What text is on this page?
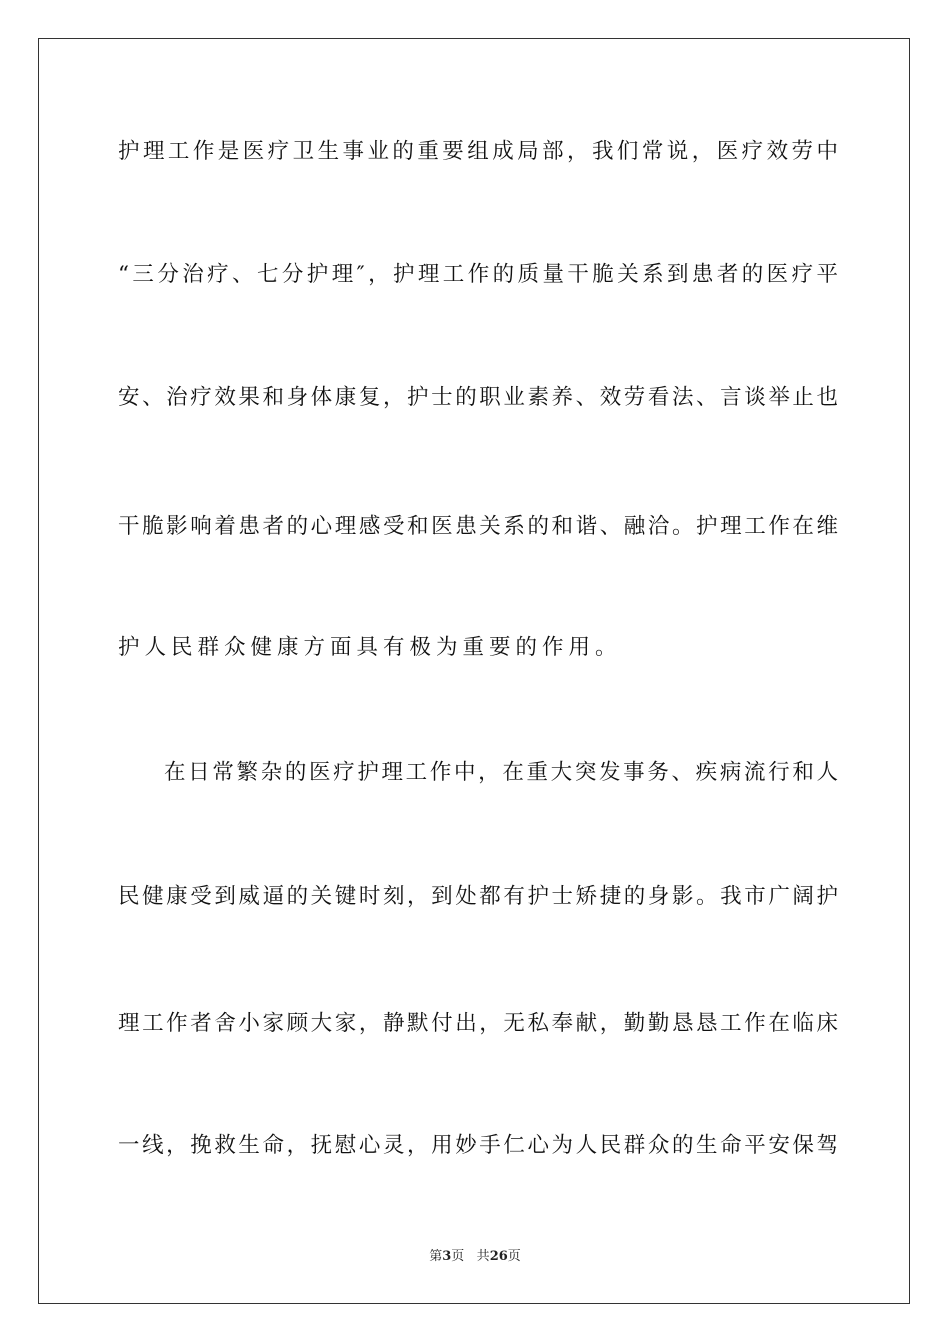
护理工作是医疗卫生事业的重要组成局部，我们常说，医疗效劳中
“三分治疗、七分护理″，护理工作的质量干脆关系到患者的医疗平
安、治疗效果和身体康复，护士的职业素养、效劳看法、言谈举止也
干脆影响着患者的心理感受和医患关系的和谐、融洽。护理工作在维
护人民群众健康方面具有极为重要的作用。
在日常繁杂的医疗护理工作中，在重大突发事务、疾病流行和人
民健康受到威逼的关键时刻，到处都有护士矫捷的身影。我市广阔护
理工作者舍小家顾大家，静默付出，无私奉献，勤勤恳恳工作在临床
一线，挽救生命，抚慰心灵，用妙手仁心为人民群众的生命平安保驾
第3页 共26页
